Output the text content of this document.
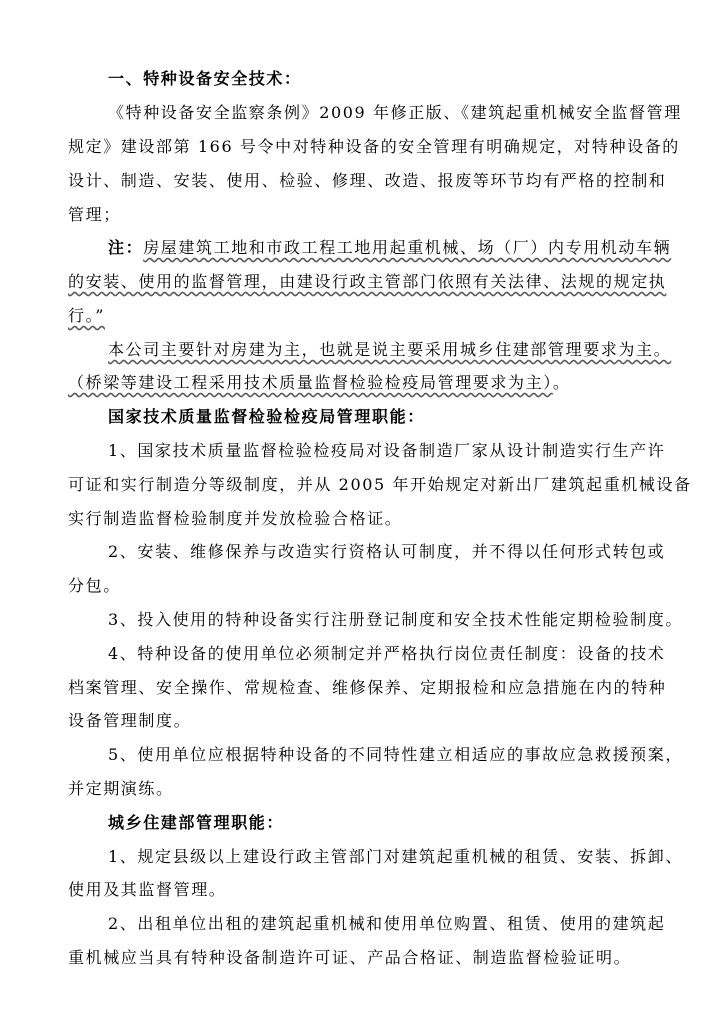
一、特种设备安全技术：
《特种设备安全监察条例》2009 年修正版、《建筑起重机械安全监督管理
规定》建设部第 166 号令中对特种设备的安全管理有明确规定，对特种设备的
设计、制造、安装、使用、检验、修理、改造、报废等环节均有严格的控制和
管理；
注：房屋建筑工地和市政工程工地用起重机械、场（厂）内专用机动车辆
的安装、使用的监督管理，由建设行政主管部门依照有关法律、法规的规定执
行。”
本公司主要针对房建为主，也就是说主要采用城乡住建部管理要求为主。
（桥梁等建设工程采用技术质量监督检验检疫局管理要求为主）。
国家技术质量监督检验检疫局管理职能：
1、国家技术质量监督检验检疫局对设备制造厂家从设计制造实行生产许
可证和实行制造分等级制度，并从 2005 年开始规定对新出厂建筑起重机械设备
实行制造监督检验制度并发放检验合格证。
2、安装、维修保养与改造实行资格认可制度，并不得以任何形式转包或
分包。
3、投入使用的特种设备实行注册登记制度和安全技术性能定期检验制度。
4、特种设备的使用单位必须制定并严格执行岗位责任制度：设备的技术
档案管理、安全操作、常规检查、维修保养、定期报检和应急措施在内的特种
设备管理制度。
5、使用单位应根据特种设备的不同特性建立相适应的事故应急救援预案，
并定期演练。
城乡住建部管理职能：
1、规定县级以上建设行政主管部门对建筑起重机械的租赁、安装、拆卸、
使用及其监督管理。
2、出租单位出租的建筑起重机械和使用单位购置、租赁、使用的建筑起
重机械应当具有特种设备制造许可证、产品合格证、制造监督检验证明。
